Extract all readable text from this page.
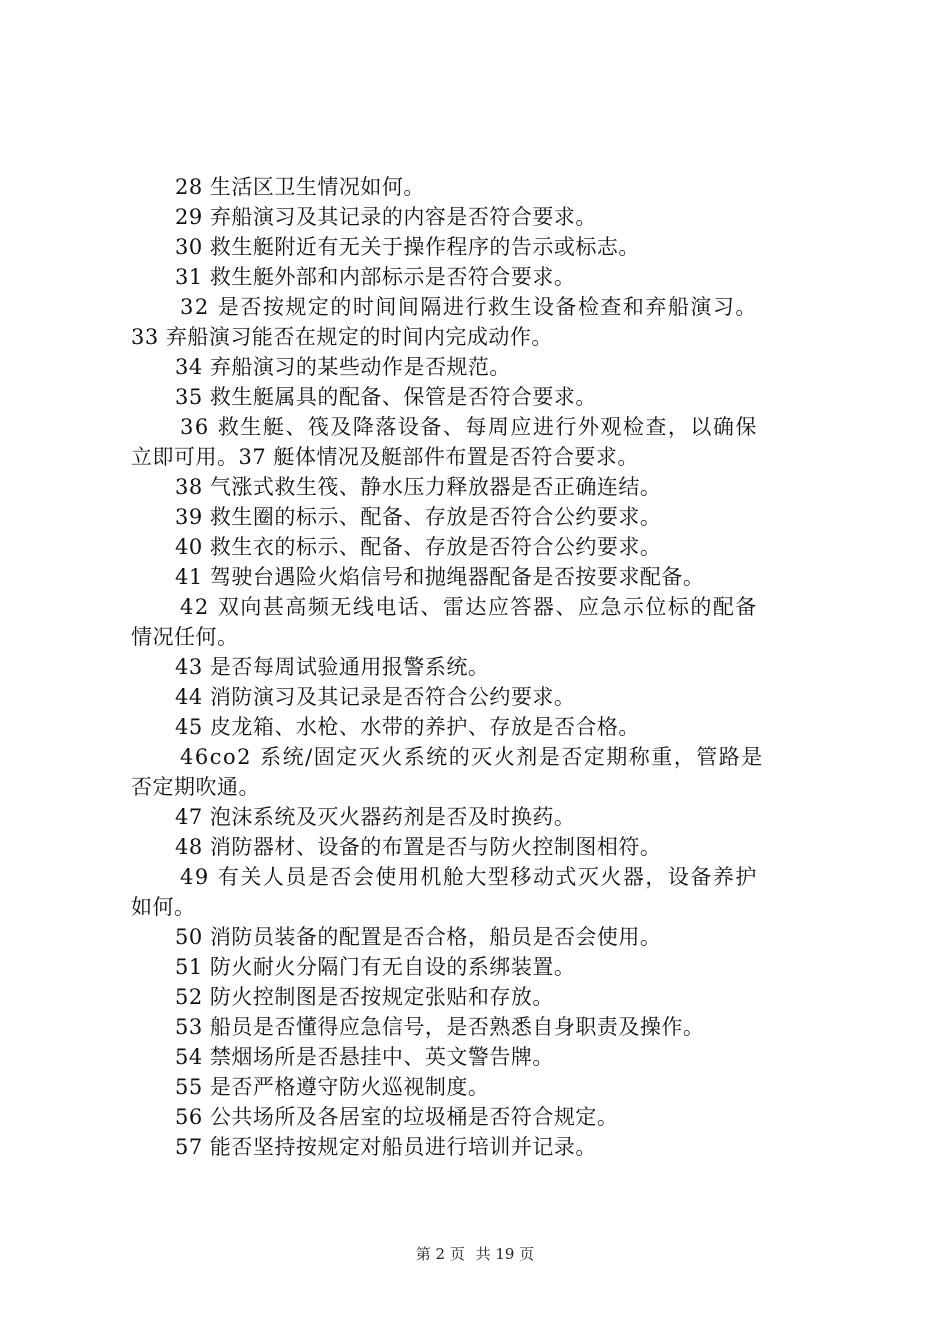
28 生活区卫生情况如何。
29 弃船演习及其记录的内容是否符合要求。
30 救生艇附近有无关于操作程序的告示或标志。
31 救生艇外部和内部标示是否符合要求。
32 是否按规定的时间间隔进行救生设备检查和弃船演习。
33 弃船演习能否在规定的时间内完成动作。
34 弃船演习的某些动作是否规范。
35 救生艇属具的配备、保管是否符合要求。
36 救生艇、筏及降落设备、每周应进行外观检查，以确保
立即可用。37 艇体情况及艇部件布置是否符合要求。
38 气涨式救生筏、静水压力释放器是否正确连结。
39 救生圈的标示、配备、存放是否符合公约要求。
40 救生衣的标示、配备、存放是否符合公约要求。
41 驾驶台遇险火焰信号和抛绳器配备是否按要求配备。
42 双向甚高频无线电话、雷达应答器、应急示位标的配备
情况任何。
43 是否每周试验通用报警系统。
44 消防演习及其记录是否符合公约要求。
45 皮龙箱、水枪、水带的养护、存放是否合格。
46co2 系统/固定灭火系统的灭火剂是否定期称重，管路是
否定期吹通。
47 泡沫系统及灭火器药剂是否及时换药。
48 消防器材、设备的布置是否与防火控制图相符。
49 有关人员是否会使用机舱大型移动式灭火器，设备养护
如何。
50 消防员装备的配置是否合格，船员是否会使用。
51 防火耐火分隔门有无自设的系绑装置。
52 防火控制图是否按规定张贴和存放。
53 船员是否懂得应急信号，是否熟悉自身职责及操作。
54 禁烟场所是否悬挂中、英文警告牌。
55 是否严格遵守防火巡视制度。
56 公共场所及各居室的垃圾桶是否符合规定。
57 能否坚持按规定对船员进行培训并记录。
第 2 页 共 19 页
